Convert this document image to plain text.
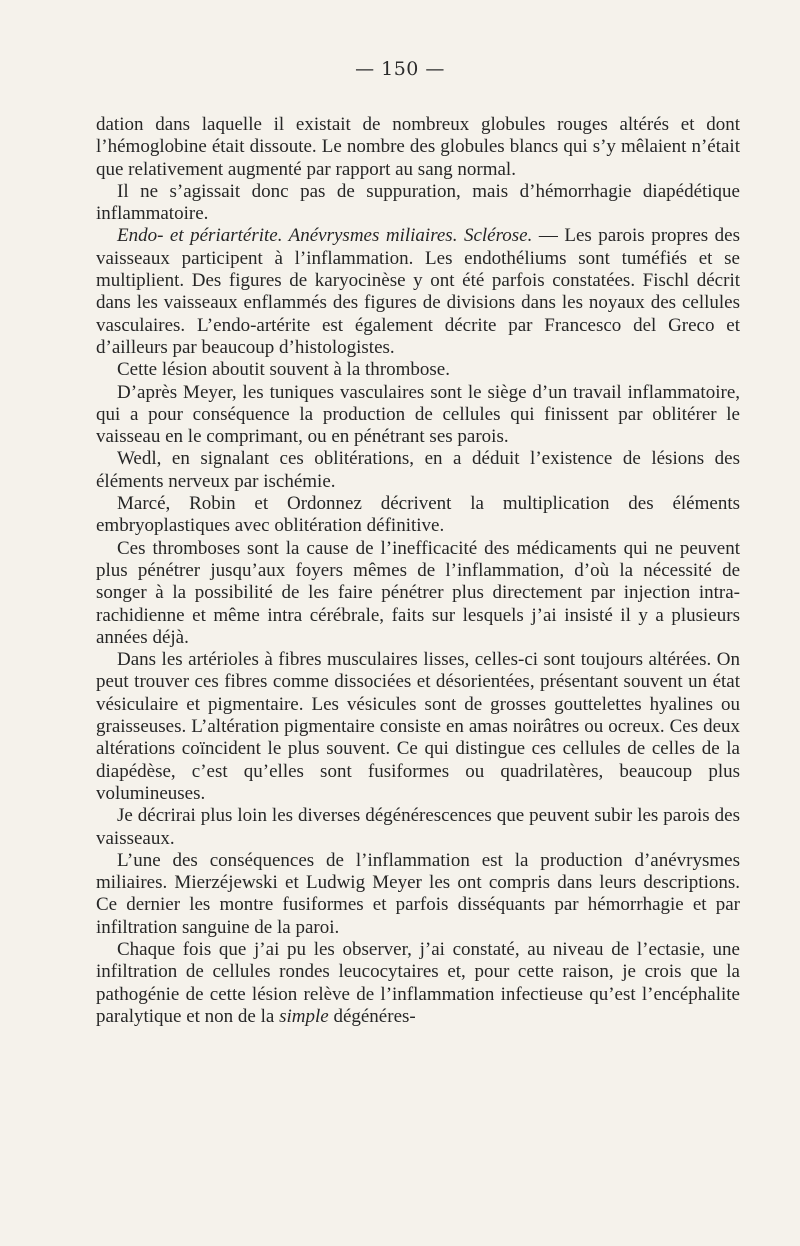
— 150 —

dation dans laquelle il existait de nombreux globules rouges altérés et dont l’hémoglobine était dissoute. Le nombre des globules blancs qui s’y mêlaient n’était que relativement augmenté par rapport au sang normal.

Il ne s’agissait donc pas de suppuration, mais d’hémorrhagie diapédétique inflammatoire.

Endo- et périartérite. Anévrysmes miliaires. Sclérose. — Les parois propres des vaisseaux participent à l’inflammation. Les endothéliums sont tuméfiés et se multiplient. Des figures de karyocinèse y ont été parfois constatées. Fischl décrit dans les vaisseaux enflammés des figures de divisions dans les noyaux des cellules vasculaires. L’endo-artérite est également décrite par Francesco del Greco et d’ailleurs par beaucoup d’histologistes.

Cette lésion aboutit souvent à la thrombose.

D’après Meyer, les tuniques vasculaires sont le siège d’un travail inflammatoire, qui a pour conséquence la production de cellules qui finissent par oblitérer le vaisseau en le comprimant, ou en pénétrant ses parois.

Wedl, en signalant ces oblitérations, en a déduit l’existence de lésions des éléments nerveux par ischémie.

Marcé, Robin et Ordonnez décrivent la multiplication des éléments embryoplastiques avec oblitération définitive.

Ces thromboses sont la cause de l’inefficacité des médicaments qui ne peuvent plus pénétrer jusqu’aux foyers mêmes de l’inflammation, d’où la nécessité de songer à la possibilité de les faire pénétrer plus directement par injection intra-rachidienne et même intra cérébrale, faits sur lesquels j’ai insisté il y a plusieurs années déjà.

Dans les artérioles à fibres musculaires lisses, celles-ci sont toujours altérées. On peut trouver ces fibres comme dissociées et désorientées, présentant souvent un état vésiculaire et pigmentaire. Les vésicules sont de grosses gouttelettes hyalines ou graisseuses. L’altération pigmentaire consiste en amas noirâtres ou ocreux. Ces deux altérations coïncident le plus souvent. Ce qui distingue ces cellules de celles de la diapédèse, c’est qu’elles sont fusiformes ou quadrilatères, beaucoup plus volumineuses.

Je décrirai plus loin les diverses dégénérescences que peuvent subir les parois des vaisseaux.

L’une des conséquences de l’inflammation est la production d’anévrysmes miliaires. Mierzéjewski et Ludwig Meyer les ont compris dans leurs descriptions. Ce dernier les montre fusiformes et parfois disséquants par hémorrhagie et par infiltration sanguine de la paroi.

Chaque fois que j’ai pu les observer, j’ai constaté, au niveau de l’ectasie, une infiltration de cellules rondes leucocytaires et, pour cette raison, je crois que la pathogénie de cette lésion relève de l’inflammation infectieuse qu’est l’encéphalite paralytique et non de la simple dégénéres-
